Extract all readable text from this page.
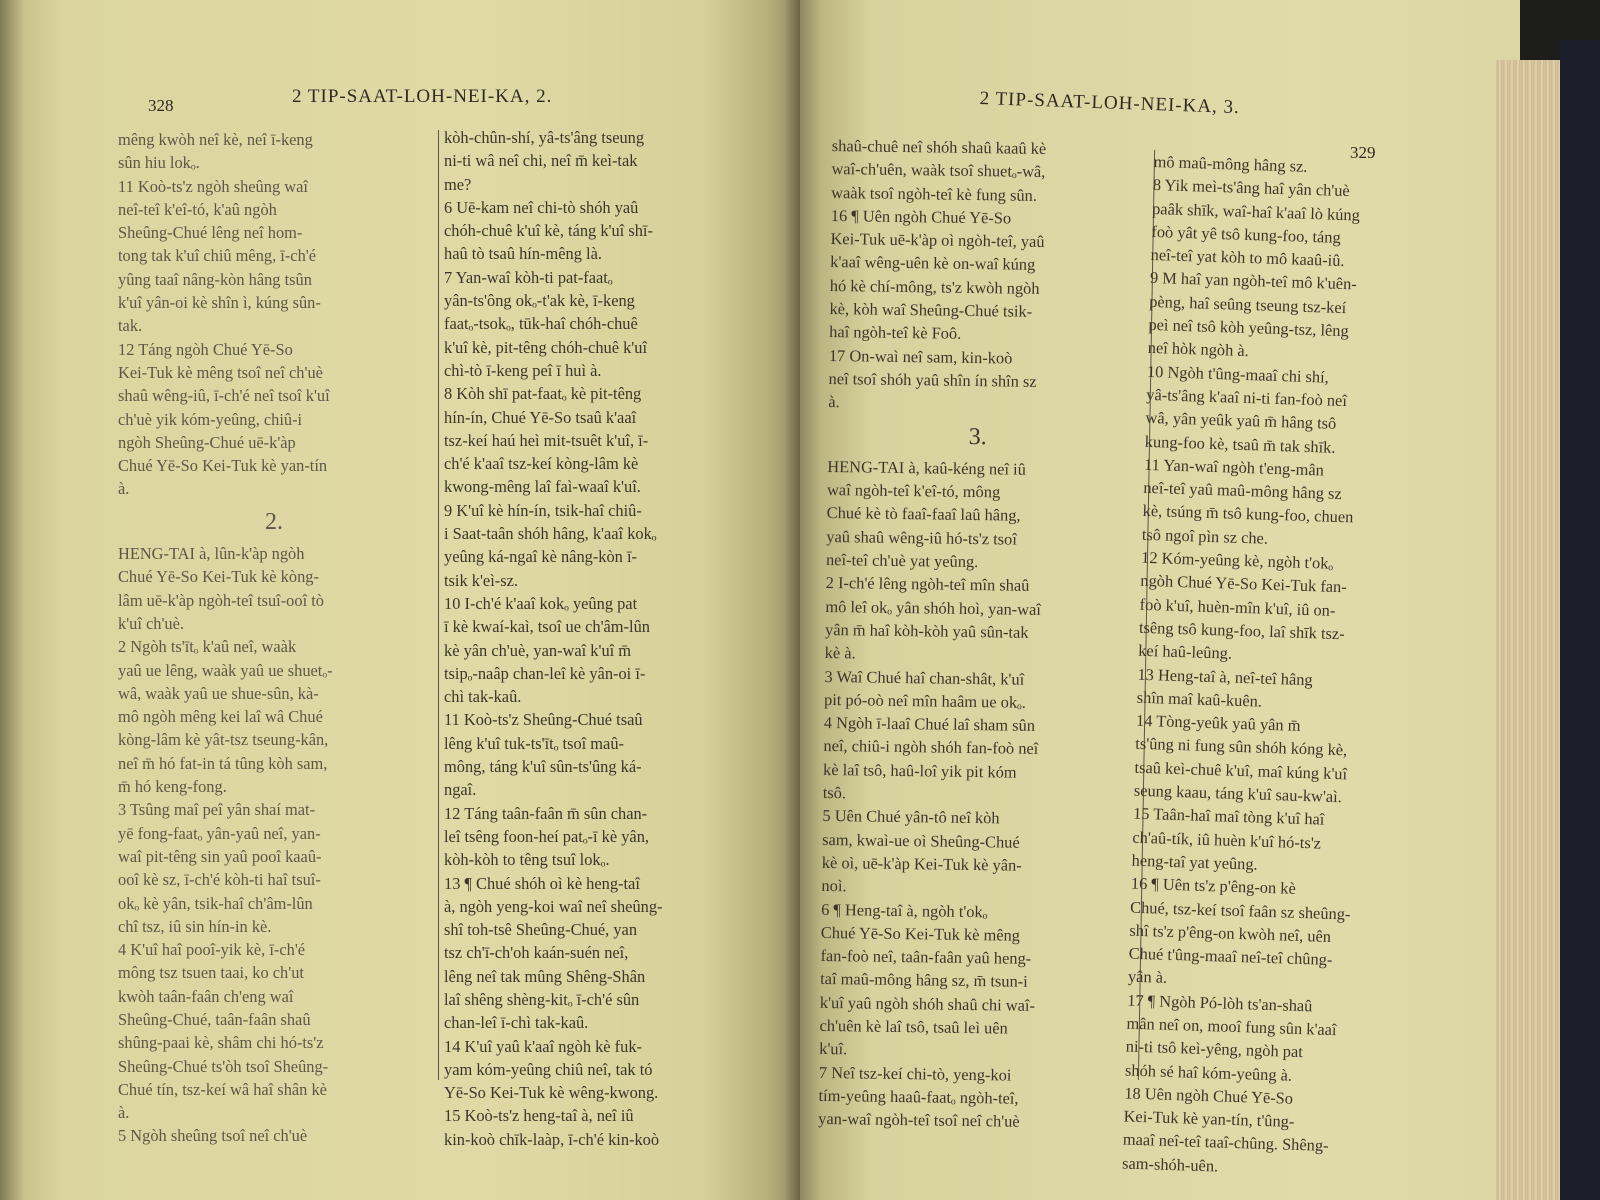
328	2 TIP-SAAT-LOH-NEI-KA, 2.

mêng kwòh neî kè, neî ī-keng

sûn hiu lokₒ.

11 Koò-ts'z ngòh sheûng waî

neî-teî k'eî-tó, k'aû ngòh

Sheûng-Chué lêng neî hom-

tong tak k'uî chiû mêng, ī-ch'é

yûng taaî nâng-kòn hâng tsûn

k'uî yân-oi kè shîn ì, kúng sûn-

tak.

12 Táng ngòh Chué Yē-So

Kei-Tuk kè mêng tsoî neî ch'uè

shaû wêng-iû, ī-ch'é neî tsoî k'uî

ch'uè yik kóm-yeûng, chiû-i

ngòh Sheûng-Chué uē-k'àp

Chué Yē-So Kei-Tuk kè yan-tín

à.

2.

HENG-TAI à, lûn-k'àp ngòh

Chué Yē-So Kei-Tuk kè kòng-

lâm uē-k'àp ngòh-teî tsuî-ooî tò

k'uî ch'uè.

2 Ngòh ts'ītₒ k'aû neî, waàk

yaû ue lêng, waàk yaû ue shuetₒ-

wâ, waàk yaû ue shue-sûn, kà-

mô ngòh mêng kei laî wâ Chué

kòng-lâm kè yât-tsz tseung-kân,

neî m̄ hó fat-in tá tûng kòh sam,

m̄ hó keng-fong.

3 Tsûng maî peî yân shaí mat-

yē fong-faatₒ yân-yaû neî, yan-

waî pit-têng sin yaû pooî kaaû-

ooî kè sz, ī-ch'é kòh-ti haî tsuî-

okₒ kè yân, tsik-haî ch'âm-lûn

chî tsz, iû sin hín-in kè.

4 K'uî haî pooî-yik kè, ī-ch'é

mông tsz tsuen taai, ko ch'ut

kwòh taân-faân ch'eng waî

Sheûng-Chué, taân-faân shaû

shûng-paai kè, shâm chi hó-ts'z

Sheûng-Chué ts'òh tsoî Sheûng-

Chué tín, tsz-keí wâ haî shân kè

à.

5 Ngòh sheûng tsoî neî ch'uè

kòh-chûn-shí, yâ-ts'âng tseung

ni-ti wâ neî chi, neî m̄ keì-tak

me?

6 Uē-kam neî chi-tò shóh yaû

chóh-chuê k'uî kè, táng k'uî shī-

haû tò tsaû hín-mêng là.

7 Yan-waî kòh-ti pat-faatₒ

yân-ts'ông okₒ-t'ak kè, ī-keng

faatₒ-tsokₒ, tūk-haî chóh-chuê

k'uî kè, pit-têng chóh-chuê k'uî

chì-tò ī-keng peî ī huì à.

8 Kòh shī pat-faatₒ kè pit-têng

hín-ín, Chué Yē-So tsaû k'aaî

tsz-keí haú heì mit-tsuêt k'uî, ī-

ch'é k'aaî tsz-keí kòng-lâm kè

kwong-mêng laî faì-waaî k'uî.

9 K'uî kè hín-ín, tsik-haî chiû-

i Saat-taân shóh hâng, k'aaî kokₒ

yeûng ká-ngaî kè nâng-kòn ī-

tsik k'eì-sz.

10 I-ch'é k'aaî kokₒ yeûng pat

ī kè kwaí-kaì, tsoî ue ch'âm-lûn

kè yân ch'uè, yan-waî k'uî m̄

tsipₒ-naâp chan-leî kè yân-oi ī-

chì tak-kaû.

11 Koò-ts'z Sheûng-Chué tsaû

lêng k'uî tuk-ts'ītₒ tsoî maû-

mông, táng k'uî sûn-ts'ûng ká-

ngaî.

12 Táng taân-faân m̄ sûn chan-

leî tsêng foon-heí patₒ-ī kè yân,

kòh-kòh to têng tsuî lokₒ.

13 ¶ Chué shóh oì kè heng-taî

à, ngòh yeng-koi waî neî sheûng-

shî toh-tsê Sheûng-Chué, yan

tsz ch'ī-ch'oh kaán-suén neî,

lêng neî tak mûng Shêng-Shân

laî shêng shèng-kitₒ ī-ch'é sûn

chan-leî ī-chì tak-kaû.

14 K'uî yaû k'aaî ngòh kè fuk-

yam kóm-yeûng chiû neî, tak tó

Yē-So Kei-Tuk kè wêng-kwong.

15 Koò-ts'z heng-taî à, neî iû

kin-koò chīk-laàp, ī-ch'é kin-koò

2 TIP-SAAT-LOH-NEI-KA, 3.
329

shaû-chuê neî shóh shaû kaaû kè

waî-ch'uên, waàk tsoî shuetₒ-wâ,

waàk tsoî ngòh-teî kè fung sûn.

16 ¶ Uên ngòh Chué Yē-So

Kei-Tuk uē-k'àp oì ngòh-teî, yaû

k'aaî wêng-uên kè on-waî kúng

hó kè chí-mông, ts'z kwòh ngòh

kè, kòh waî Sheûng-Chué tsik-

haî ngòh-teî kè Foô.

17 On-waì neî sam, kin-koò

neî tsoî shóh yaû shîn ín shîn sz

à.

3.

HENG-TAI à, kaû-kéng neî iû

waî ngòh-teî k'eî-tó, mông

Chué kè tò faaî-faaî laû hâng,

yaû shaû wêng-iû hó-ts'z tsoî

neî-teî ch'uè yat yeûng.

2 I-ch'é lêng ngòh-teî mîn shaû

mô leî okₒ yân shóh hoì, yan-waî

yân m̄ haî kòh-kòh yaû sûn-tak

kè à.

3 Waî Chué haî chan-shât, k'uî

pit pó-oò neî mîn haâm ue okₒ.

4 Ngòh ī-laaî Chué laî sham sûn

neî, chiû-i ngòh shóh fan-foò neî

kè laî tsô, haû-loî yik pit kóm

tsô.

5 Uên Chué yân-tô neî kòh

sam, kwaì-ue oì Sheûng-Chué

kè oì, uē-k'àp Kei-Tuk kè yân-

noì.

6 ¶ Heng-taî à, ngòh t'okₒ

Chué Yē-So Kei-Tuk kè mêng

fan-foò neî, taân-faân yaû heng-

taî maû-mông hâng sz, m̄ tsun-i

k'uî yaû ngòh shóh shaû chi waî-

ch'uên kè laî tsô, tsaû leì uên

k'uî.

7 Neî tsz-keí chi-tò, yeng-koi

tím-yeûng haaû-faatₒ ngòh-teî,

yan-waî ngòh-teî tsoî neî ch'uè

mô maû-mông hâng sz.

8 Yik meì-ts'âng haî yân ch'uè

paâk shīk, waî-haî k'aaî lò kúng

foò yât yê tsô kung-foo, táng

neî-teî yat kòh to mô kaaû-iû.

9 M haî yan ngòh-teî mô k'uên-

pèng, haî seûng tseung tsz-keí

peì neî tsô kòh yeûng-tsz, lêng

neî hòk ngòh à.

10 Ngòh t'ûng-maaî chi shí,

yâ-ts'âng k'aaî ni-ti fan-foò neî

wâ, yân yeûk yaû m̄ hâng tsô

kung-foo kè, tsaû m̄ tak shīk.

11 Yan-waî ngòh t'eng-mân

neî-teî yaû maû-mông hâng sz

kè, tsúng m̄ tsô kung-foo, chuen

tsô ngoî pìn sz che.

12 Kóm-yeûng kè, ngòh t'okₒ

ngòh Chué Yē-So Kei-Tuk fan-

foò k'uî, huèn-mîn k'uî, iû on-

tsêng tsô kung-foo, laî shīk tsz-

keí haû-leûng.

13 Heng-taî à, neî-teî hâng

shîn maî kaû-kuên.

14 Tòng-yeûk yaû yân m̄

ts'ûng ni fung sûn shóh kóng kè,

tsaû keì-chuê k'uî, maî kúng k'uî

seung kaau, táng k'uî sau-kw'aì.

15 Taân-haî maî tòng k'uî haî

ch'aû-tík, iû huèn k'uî hó-ts'z

heng-taî yat yeûng.

16 ¶ Uên ts'z p'êng-on kè

Chué, tsz-keí tsoî faân sz sheûng-

shî ts'z p'êng-on kwòh neî, uên

Chué t'ûng-maaî neî-teî chûng-

yân à.

17 ¶ Ngòh Pó-lòh ts'an-shaû

mân neî on, mooî fung sûn k'aaî

ni-ti tsô keì-yêng, ngòh pat

shóh sé haî kóm-yeûng à.

18 Uên ngòh Chué Yē-So

Kei-Tuk kè yan-tín, t'ûng-

maaî neî-teî taaî-chûng. Shêng-

sam-shóh-uên.
